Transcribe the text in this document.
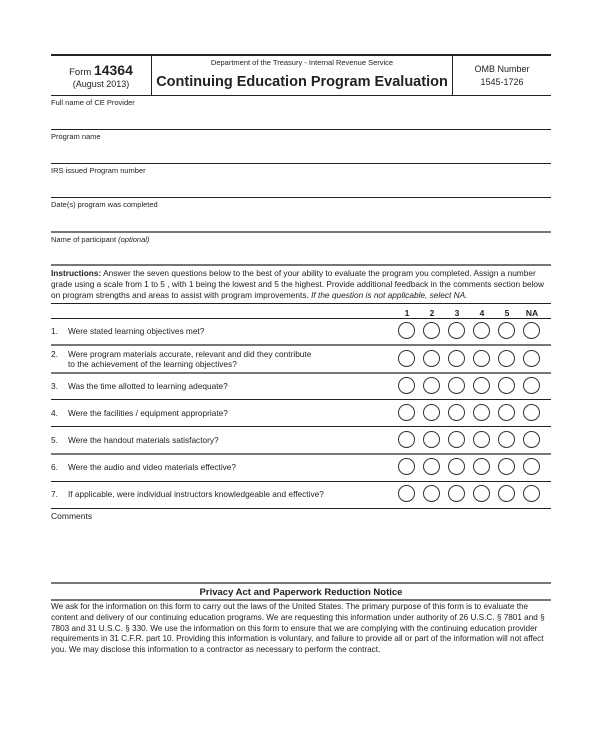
Form 14364
(August 2013)
Department of the Treasury - Internal Revenue Service
Continuing Education Program Evaluation
OMB Number
1545-1726
Full name of CE Provider
Program name
IRS issued Program number
Date(s) program was completed
Name of participant (optional)
Instructions: Answer the seven questions below to the best of your ability to evaluate the program you completed. Assign a number grade using a scale from 1 to 5 , with 1 being the lowest and 5 the highest. Provide additional feedback in the comments section below on program strengths and areas to assist with program improvements. If the question is not applicable, select NA.
1	2	3	4	5	NA
1.	Were stated learning objectives met?
2.	Were program materials accurate, relevant and did they contribute
to the achievement of the learning objectives?
3.	Was the time allotted to learning adequate?
4.	Were the facilities / equipment appropriate?
5.	Were the handout materials satisfactory?
6.	Were the audio and video materials effective?
7.	If applicable, were individual instructors knowledgeable and effective?
Comments
Privacy Act and Paperwork Reduction Notice
We ask for the information on this form to carry out the laws of the United States. The primary purpose of this form is to evaluate the content and delivery of our continuing education programs. We are requesting this information under authority of 26 U.S.C. § 7801 and § 7803 and 31 U.S.C. § 330. We use the information on this form to ensure that we are complying with the continuing education provider requirements in 31 C.F.R. part 10. Providing this information is voluntary, and failure to provide all or part of the information will not affect you. We may disclose this information to a contractor as necessary to perform the contract.
